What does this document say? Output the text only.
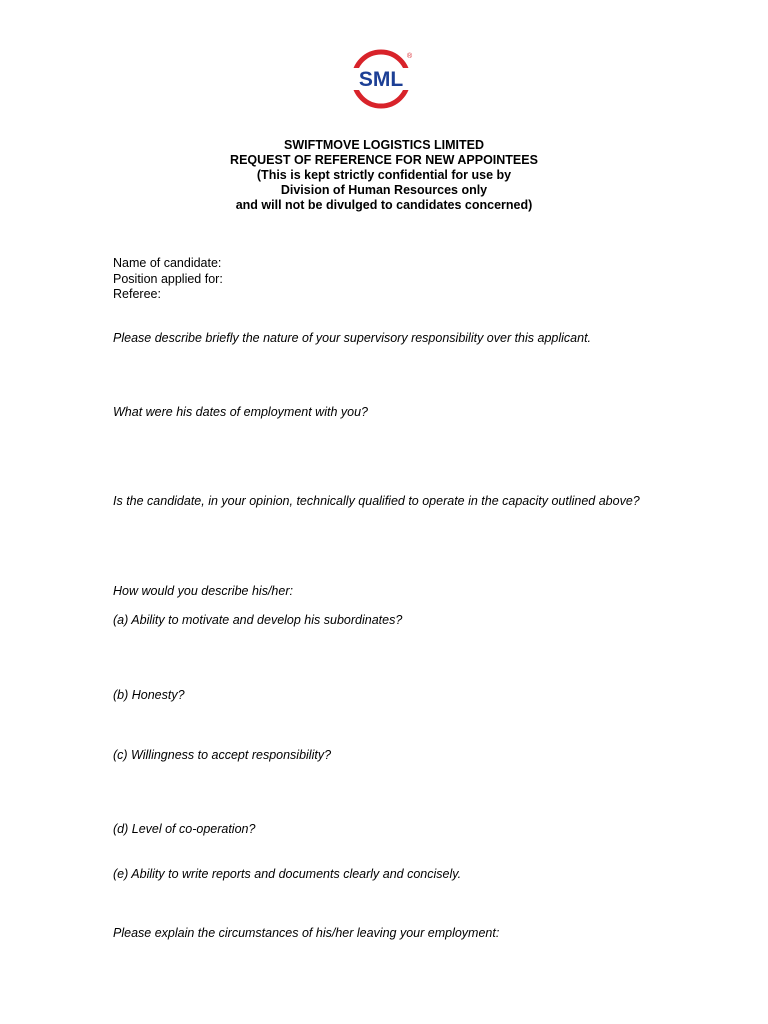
SML
®
SWIFTMOVE LOGISTICS LIMITED
REQUEST OF REFERENCE FOR NEW APPOINTEES
(This is kept strictly confidential for use by
Division of Human Resources only
and will not be divulged to candidates concerned)
Name of candidate:
Position applied for:
Referee:
Please describe briefly the nature of your supervisory responsibility over this applicant.
What were his dates of employment with you?
Is the candidate, in your opinion, technically qualified to operate in the capacity outlined above?
How would you describe his/her:
(a) Ability to motivate and develop his subordinates?
(b) Honesty?
(c) Willingness to accept responsibility?
(d) Level of co-operation?
(e) Ability to write reports and documents clearly and concisely.
Please explain the circumstances of his/her leaving your employment:
